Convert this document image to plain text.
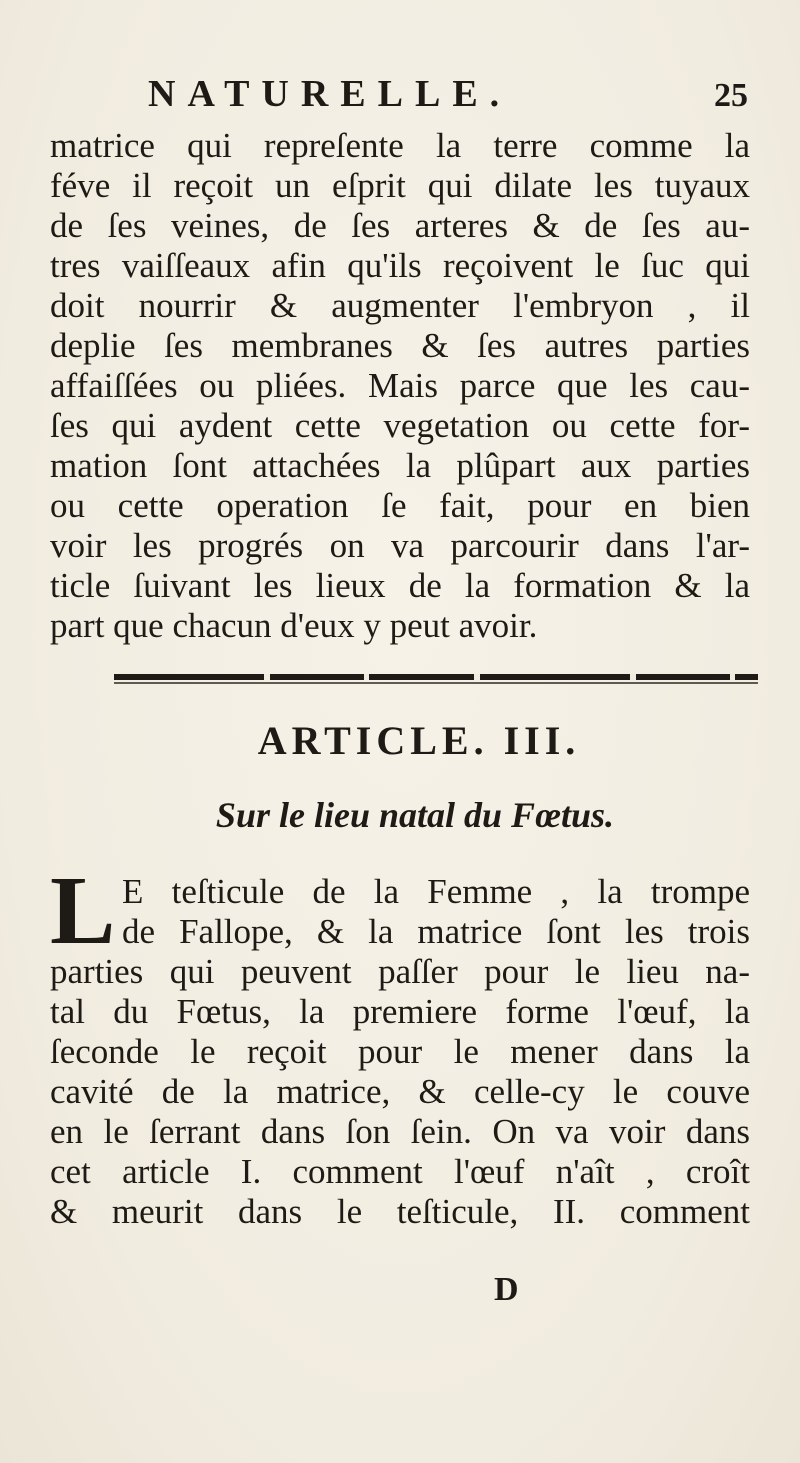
NATURELLE.	25
matrice qui repreſente la terre comme la
féve il reçoit un eſprit qui dilate les tuyaux
de ſes veines, de ſes arteres & de ſes au-
tres vaiſſeaux afin qu'ils reçoivent le ſuc qui
doit nourrir & augmenter l'embryon , il
deplie ſes membranes & ſes autres parties
affaiſſées ou pliées. Mais parce que les cau-
ſes qui aydent cette vegetation ou cette for-
mation ſont attachées la plûpart aux parties
ou cette operation ſe fait, pour en bien
voir les progrés on va parcourir dans l'ar-
ticle ſuivant les lieux de la formation & la
part que chacun d'eux y peut avoir.
ARTICLE. III.
Sur le lieu natal du Fœtus.
L E teſticule de la Femme , la trompe
de Fallope, & la matrice ſont les trois
parties qui peuvent paſſer pour le lieu na-
tal du Fœtus, la premiere forme l'œuf, la
ſeconde le reçoit pour le mener dans la
cavité de la matrice, & celle-cy le couve
en le ſerrant dans ſon ſein. On va voir dans
cet article I. comment l'œuf n'aît , croît
& meurit dans le teſticule, II. comment
D
